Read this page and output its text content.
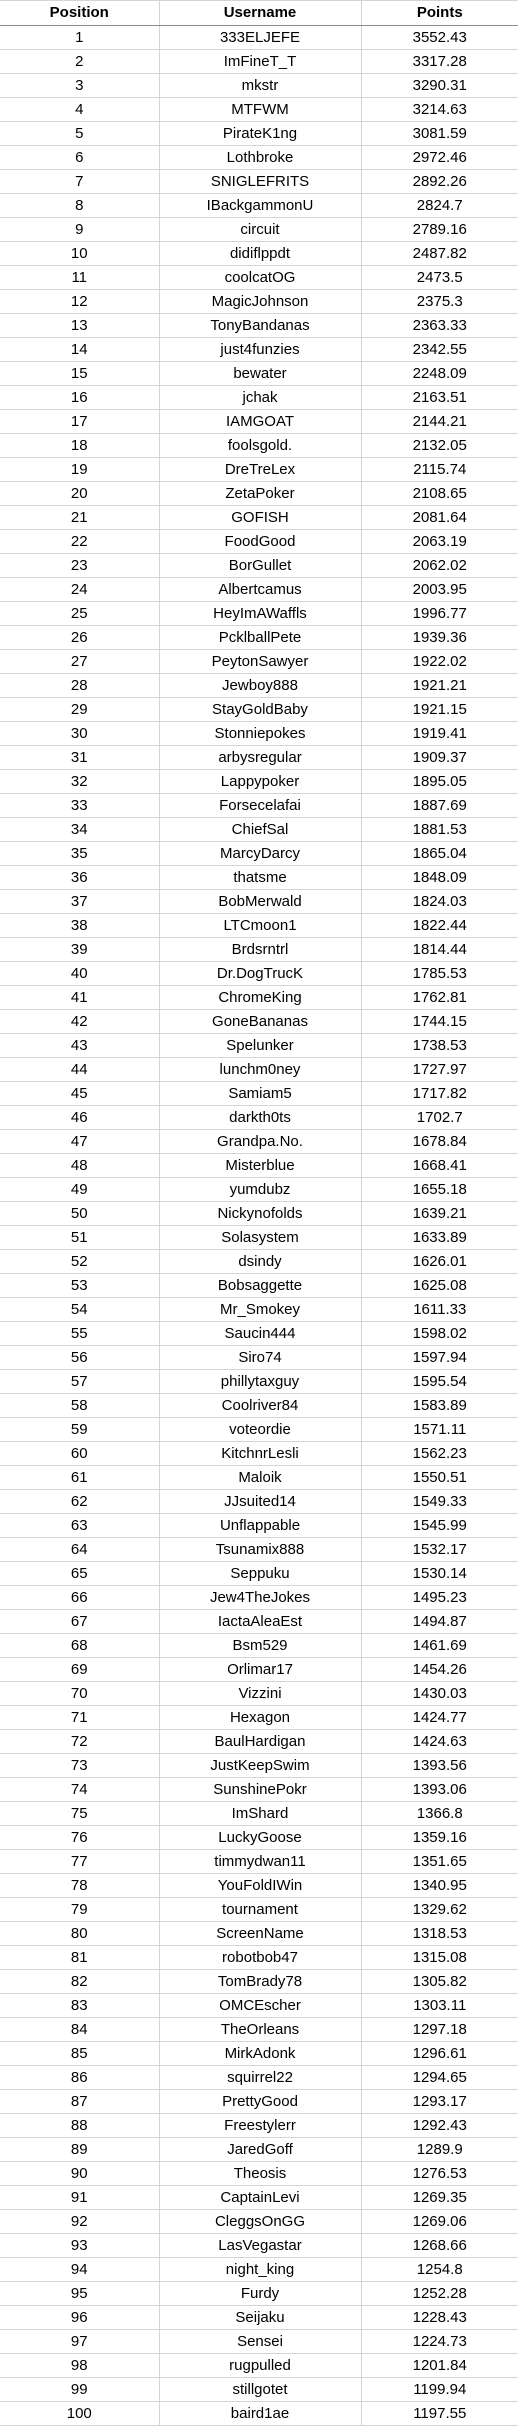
Position	Username	Points
1	333ELJEFE	3552.43
2	ImFineT_T	3317.28
3	mkstr	3290.31
4	MTFWM	3214.63
5	PirateK1ng	3081.59
6	Lothbroke	2972.46
7	SNIGLEFRITS	2892.26
8	IBackgammonU	2824.7
9	circuit	2789.16
10	didiflppdt	2487.82
11	coolcatOG	2473.5
12	MagicJohnson	2375.3
13	TonyBandanas	2363.33
14	just4funzies	2342.55
15	bewater	2248.09
16	jchak	2163.51
17	IAMGOAT	2144.21
18	foolsgold.	2132.05
19	DreTreLex	2115.74
20	ZetaPoker	2108.65
21	GOFISH	2081.64
22	FoodGood	2063.19
23	BorGullet	2062.02
24	Albertcamus	2003.95
25	HeyImAWaffls	1996.77
26	PcklballPete	1939.36
27	PeytonSawyer	1922.02
28	Jewboy888	1921.21
29	StayGoldBaby	1921.15
30	Stonniepokes	1919.41
31	arbysregular	1909.37
32	Lappypoker	1895.05
33	Forsecelafai	1887.69
34	ChiefSal	1881.53
35	MarcyDarcy	1865.04
36	thatsme	1848.09
37	BobMerwald	1824.03
38	LTCmoon1	1822.44
39	Brdsrntrl	1814.44
40	Dr.DogTrucK	1785.53
41	ChromeKing	1762.81
42	GoneBananas	1744.15
43	Spelunker	1738.53
44	lunchm0ney	1727.97
45	Samiam5	1717.82
46	darkth0ts	1702.7
47	Grandpa.No.	1678.84
48	Misterblue	1668.41
49	yumdubz	1655.18
50	Nickynofolds	1639.21
51	Solasystem	1633.89
52	dsindy	1626.01
53	Bobsaggette	1625.08
54	Mr_Smokey	1611.33
55	Saucin444	1598.02
56	Siro74	1597.94
57	phillytaxguy	1595.54
58	Coolriver84	1583.89
59	voteordie	1571.11
60	KitchnrLesli	1562.23
61	Maloik	1550.51
62	JJsuited14	1549.33
63	Unflappable	1545.99
64	Tsunamix888	1532.17
65	Seppuku	1530.14
66	Jew4TheJokes	1495.23
67	IactaAleaEst	1494.87
68	Bsm529	1461.69
69	Orlimar17	1454.26
70	Vizzini	1430.03
71	Hexagon	1424.77
72	BaulHardigan	1424.63
73	JustKeepSwim	1393.56
74	SunshinePokr	1393.06
75	ImShard	1366.8
76	LuckyGoose	1359.16
77	timmydwan11	1351.65
78	YouFoldIWin	1340.95
79	tournament	1329.62
80	ScreenName	1318.53
81	robotbob47	1315.08
82	TomBrady78	1305.82
83	OMCEscher	1303.11
84	TheOrleans	1297.18
85	MirkAdonk	1296.61
86	squirrel22	1294.65
87	PrettyGood	1293.17
88	Freestylerr	1292.43
89	JaredGoff	1289.9
90	Theosis	1276.53
91	CaptainLevi	1269.35
92	CleggsOnGG	1269.06
93	LasVegastar	1268.66
94	night_king	1254.8
95	Furdy	1252.28
96	Seijaku	1228.43
97	Sensei	1224.73
98	rugpulled	1201.84
99	stillgotet	1199.94
100	baird1ae	1197.55
